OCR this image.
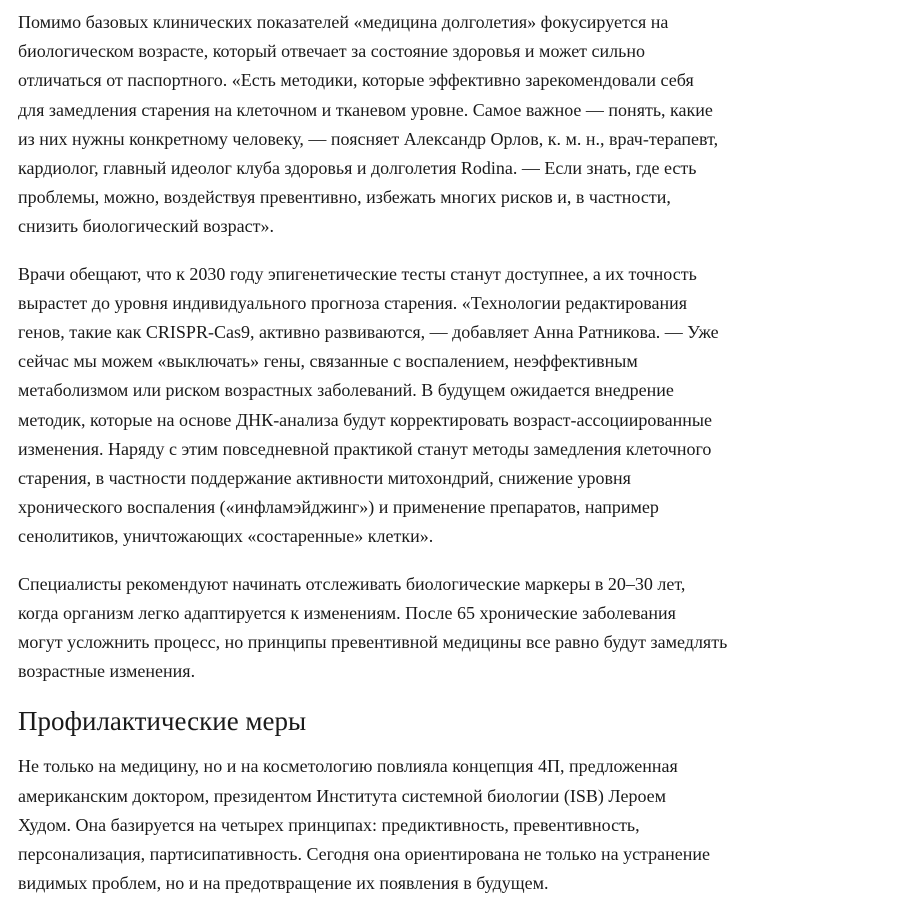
Помимо базовых клинических показателей «медицина долголетия» фокусируется на
биологическом возрасте, который отвечает за состояние здоровья и может сильно
отличаться от паспортного. «Есть методики, которые эффективно зарекомендовали себя
для замедления старения на клеточном и тканевом уровне. Самое важное — понять, какие
из них нужны конкретному человеку, — поясняет Александр Орлов, к. м. н., врач-терапевт,
кардиолог, главный идеолог клуба здоровья и долголетия Rodina. — Если знать, где есть
проблемы, можно, воздействуя превентивно, избежать многих рисков и, в частности,
снизить биологический возраст».

Врачи обещают, что к 2030 году эпигенетические тесты станут доступнее, а их точность
вырастет до уровня индивидуального прогноза старения. «Технологии редактирования
генов, такие как CRISPR-Cas9, активно развиваются, — добавляет Анна Ратникова. — Уже
сейчас мы можем «выключать» гены, связанные с воспалением, неэффективным
метаболизмом или риском возрастных заболеваний. В будущем ожидается внедрение
методик, которые на основе ДНК-анализа будут корректировать возраст-ассоциированные
изменения. Наряду с этим повседневной практикой станут методы замедления клеточного
старения, в частности поддержание активности митохондрий, снижение уровня
хронического воспаления («инфламэйджинг») и применение препаратов, например
сенолитиков, уничтожающих «состаренные» клетки».

Специалисты рекомендуют начинать отслеживать биологические маркеры в 20–30 лет,
когда организм легко адаптируется к изменениям. После 65 хронические заболевания
могут усложнить процесс, но принципы превентивной медицины все равно будут замедлять
возрастные изменения.

Профилактические меры

Не только на медицину, но и на косметологию повлияла концепция 4П, предложенная
американским доктором, президентом Института системной биологии (ISB) Лероем
Худом. Она базируется на четырех принципах: предиктивность, превентивность,
персонализация, партисипативность. Сегодня она ориентирована не только на устранение
видимых проблем, но и на предотвращение их появления в будущем.
